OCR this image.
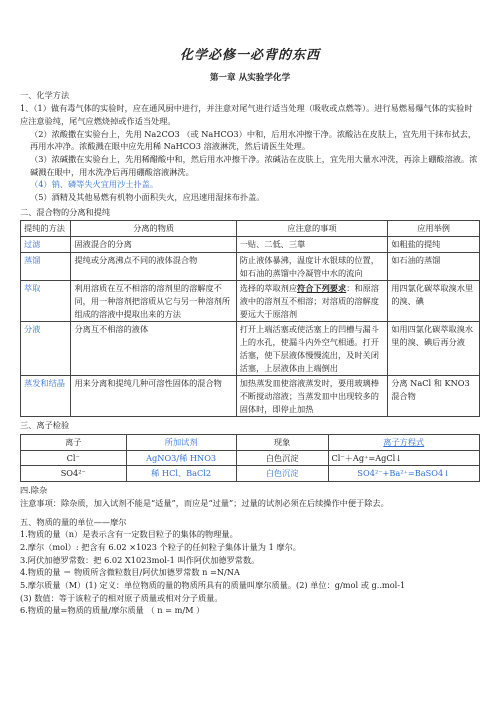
化学必修一必背的东西
第一章 从实验学化学
一、化学方法

1、（1）做有毒气体的实验时，应在通风厨中进行，并注意对尾气进行适当处理（吸收或点燃等）。进行易燃易爆气体的实验时应注意验纯，尾气应燃烧掉或作适当处理。

（2）浓酸撒在实验台上，先用 Na2CO3 （或 NaHCO3）中和，后用水冲擦干净。浓酸沾在皮肤上，宜先用干抹布拭去，再用水冲净。浓酸溅在眼中应先用稀 NaHCO3 溶液淋洗，然后请医生处理。

（3）浓碱撒在实验台上，先用稀醋酸中和，然后用水冲擦干净。浓碱沾在皮肤上，宜先用大量水冲洗，再涂上硼酸溶液。浓碱溅在眼中，用水洗净后再用硼酸溶液淋洗。

（4）钠、磷等失火宜用沙土扑盖。

（5）酒精及其他易燃有机物小面积失火，应迅速用湿抹布扑盖。

二、混合物的分离和提纯
提纯的方法	分离的物质	应注意的事项	应用举例
过滤	固液混合的分离	一贴、二低、三靠	如粗盐的提纯
蒸馏	提纯或分离沸点不同的液体混合物	防止液体暴沸，温度计水银球的位置，如石油的蒸馏中冷凝管中水的流向	如石油的蒸馏
萃取	利用溶质在互不相溶的溶剂里的溶解度不同，用一种溶剂把溶质从它与另一种溶剂所组成的溶液中提取出来的方法	选择的萃取剂应符合下列要求：和原溶液中的溶剂互不相溶；对溶质的溶解度要远大于原溶剂	用四氯化碳萃取溴水里的溴、碘
分液	分离互不相溶的液体	打开上端活塞或使活塞上的凹槽与漏斗上的水孔，使漏斗内外空气相通。打开活塞，使下层液体慢慢流出，及时关闭活塞，上层液体由上端倒出	如用四氯化碳萃取溴水里的溴、碘后再分液
蒸发和结晶	用来分离和提纯几种可溶性固体的混合物	加热蒸发皿使溶液蒸发时，要用玻璃棒不断搅动溶液；当蒸发皿中出现较多的固体时，即停止加热	分离 NaCl 和 KNO3 混合物
三、离子检验
离子	所加试剂	现象	离子方程式
Cl⁻	AgNO3/稀 HNO3	白色沉淀	Cl⁻＋Ag⁺=AgCl↓
SO4²⁻	稀 HCl、BaCl2	白色沉淀	SO4²⁻+Ba²⁺=BaSO4↓
四.除杂

注意事项：除杂质，加入试剂不能是“适量”，而应是“过量”；过量的试剂必须在后续操作中便于除去。

五、物质的量的单位——摩尔

1.物质的量（n）是表示含有一定数目粒子的集体的物理量。

2.摩尔（mol）: 把含有 6.02 ×1023 个粒子的任何粒子集体计量为 1 摩尔。

3.阿伏加德罗常数：把 6.02 X1023mol-1 叫作阿伏加德罗常数。

4.物质的量 ＝ 物质所含微粒数目/阿伏加德罗常数 n =N/NA

5.摩尔质量（M）(1) 定义：单位物质的量的物质所具有的质量叫摩尔质量。(2) 单位：g/mol 或 g..mol-1

(3) 数值：等于该粒子的相对原子质量或相对分子质量。

6.物质的量=物质的质量/摩尔质量 （ n = m/M ）
